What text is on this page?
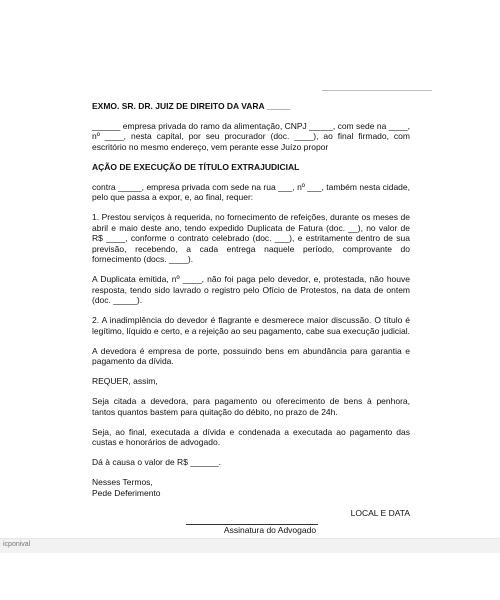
EXMO. SR. DR. JUIZ DE DIREITO DA VARA _____

______ empresa privada do ramo da alimentação, CNPJ _____, com sede na ____, nº ____, nesta capital, por seu procurador (doc. ____), ao final firmado, com escritório no mesmo endereço, vem perante esse Juízo propor

AÇÃO DE EXECUÇÃO DE TÍTULO EXTRAJUDICIAL

contra _____, empresa privada com sede na rua ___, nº ___, também nesta cidade, pelo que passa a expor, e, ao final, requer:

1. Prestou serviços à requerida, no fornecimento de refeições, durante os meses de abril e maio deste ano, tendo expedido Duplicata de Fatura (doc. __), no valor de R$ ____, conforme o contrato celebrado (doc. ___), e estritamente dentro de sua previsão, recebendo, a cada entrega naquele período, comprovante do fornecimento (docs. ____).

A Duplicata emitida, nº ____, não foi paga pelo devedor, e, protestada, não houve resposta, tendo sido lavrado o registro pelo Ofício de Protestos, na data de ontem (doc. _____).

2. A inadimplência do devedor é flagrante e desmerece maior discussão. O título é legítimo, líquido e certo, e a rejeição ao seu pagamento, cabe sua execução judicial.

A devedora é empresa de porte, possuindo bens em abundância para garantia e pagamento da dívida.

REQUER, assim,

Seja citada a devedora, para pagamento ou oferecimento de bens à penhora, tantos quantos bastem para quitação do débito, no prazo de 24h.

Seja, ao final, executada a dívida e condenada a executada ao pagamento das custas e honorários de advogado.

Dá à causa o valor de R$ ______.

Nesses Termos,

Pede Deferimento

LOCAL E DATA

Assinatura do Advogado

icponival
